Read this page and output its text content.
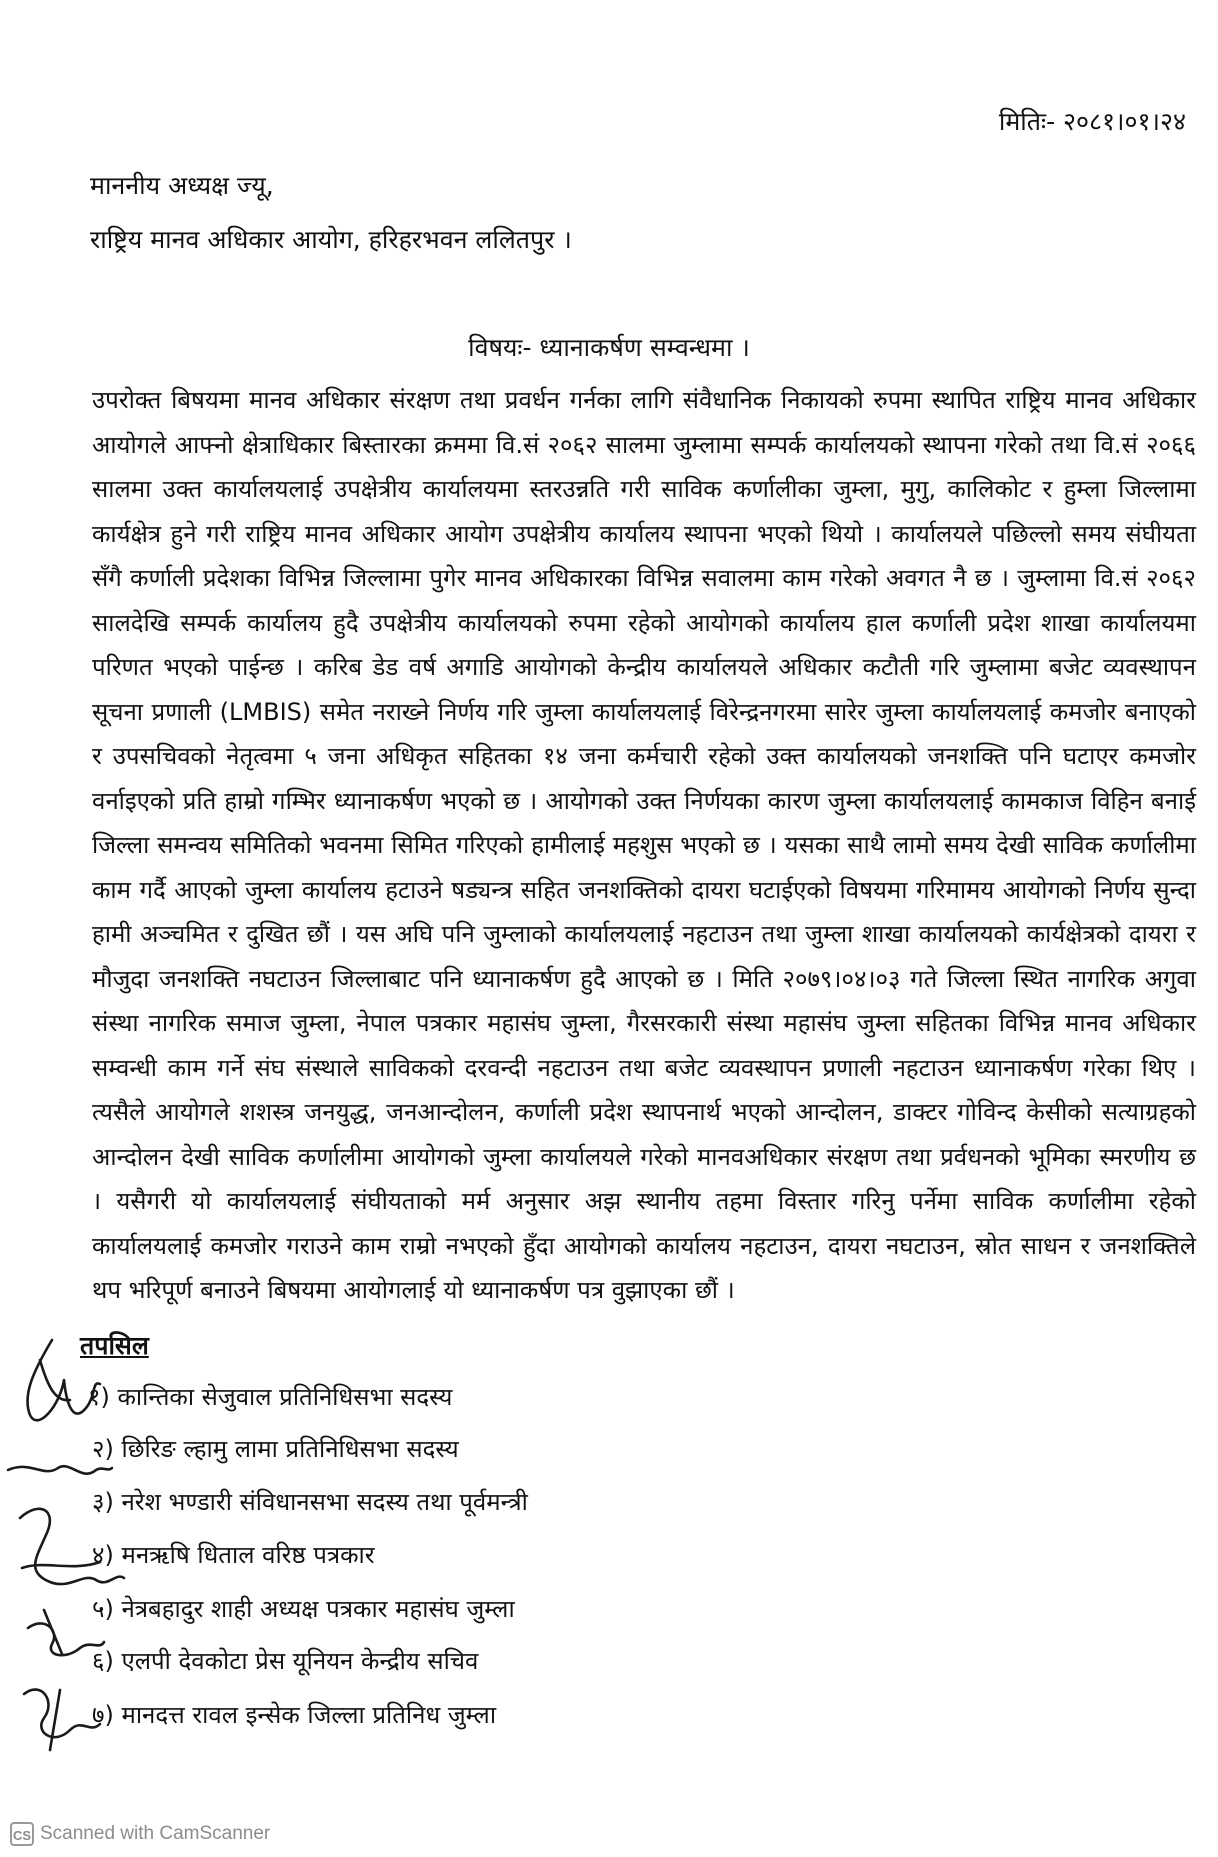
मितिः- २०८१।०१।२४
माननीय अध्यक्ष ज्यू,
राष्ट्रिय मानव अधिकार आयोग, हरिहरभवन ललितपुर ।
विषयः- ध्यानाकर्षण सम्वन्धमा ।

उपरोक्त बिषयमा मानव अधिकार संरक्षण तथा प्रवर्धन गर्नका लागि संवैधानिक निकायको रुपमा स्थापित राष्ट्रिय मानव अधिकार आयोगले आफ्नो क्षेत्राधिकार बिस्तारका क्रममा वि.सं २०६२ सालमा जुम्लामा सम्पर्क कार्यालयको स्थापना गरेको तथा वि.सं २०६६ सालमा उक्त कार्यालयलाई उपक्षेत्रीय कार्यालयमा स्तरउन्नति गरी साविक कर्णालीका जुम्ला, मुगु, कालिकोट र हुम्ला जिल्लामा कार्यक्षेत्र हुने गरी राष्ट्रिय मानव अधिकार आयोग उपक्षेत्रीय कार्यालय स्थापना भएको थियो । कार्यालयले पछिल्लो समय संघीयता सँगै कर्णाली प्रदेशका विभिन्न जिल्लामा पुगेर मानव अधिकारका विभिन्न सवालमा काम गरेको अवगत नै छ । जुम्लामा वि.सं २०६२ सालदेखि सम्पर्क कार्यालय हुदै उपक्षेत्रीय कार्यालयको रुपमा रहेको आयोगको कार्यालय हाल कर्णाली प्रदेश शाखा कार्यालयमा परिणत भएको पाईन्छ । करिब डेड वर्ष अगाडि आयोगको केन्द्रीय कार्यालयले अधिकार कटौती गरि जुम्लामा बजेट व्यवस्थापन सूचना प्रणाली (LMBIS) समेत नराख्ने निर्णय गरि जुम्ला कार्यालयलाई विरेन्द्रनगरमा सारेर जुम्ला कार्यालयलाई कमजोर बनाएको र उपसचिवको नेतृत्वमा ५ जना अधिकृत सहितका १४ जना कर्मचारी रहेको उक्त कार्यालयको जनशक्ति पनि घटाएर कमजोर वर्नाइएको प्रति हाम्रो गम्भिर ध्यानाकर्षण भएको छ । आयोगको उक्त निर्णयका कारण जुम्ला कार्यालयलाई कामकाज विहिन बनाई जिल्ला समन्वय समितिको भवनमा सिमित गरिएको हामीलाई महशुस भएको छ । यसका साथै लामो समय देखी साविक कर्णालीमा काम गर्दै आएको जुम्ला कार्यालय हटाउने षड्यन्त्र सहित जनशक्तिको दायरा घटाईएको विषयमा गरिमामय आयोगको निर्णय सुन्दा हामी अञ्चमित र दुखित छौं । यस अघि पनि जुम्लाको कार्यालयलाई नहटाउन तथा जुम्ला शाखा कार्यालयको कार्यक्षेत्रको दायरा र मौजुदा जनशक्ति नघटाउन जिल्लाबाट पनि ध्यानाकर्षण हुदै आएको छ । मिति २०७९।०४।०३ गते जिल्ला स्थित नागरिक अगुवा संस्था नागरिक समाज जुम्ला, नेपाल पत्रकार महासंघ जुम्ला, गैरसरकारी संस्था महासंघ जुम्ला सहितका विभिन्न मानव अधिकार सम्वन्धी काम गर्ने संघ संस्थाले साविकको दरवन्दी नहटाउन तथा बजेट व्यवस्थापन प्रणाली नहटाउन ध्यानाकर्षण गरेका थिए । त्यसैले आयोगले शशस्त्र जनयुद्ध, जनआन्दोलन, कर्णाली प्रदेश स्थापनार्थ भएको आन्दोलन, डाक्टर गोविन्द केसीको सत्याग्रहको आन्दोलन देखी साविक कर्णालीमा आयोगको जुम्ला कार्यालयले गरेको मानवअधिकार संरक्षण तथा प्रर्वधनको भूमिका स्मरणीय छ । यसैगरी यो कार्यालयलाई संघीयताको मर्म अनुसार अझ स्थानीय तहमा विस्तार गरिनु पर्नेमा साविक कर्णालीमा रहेको कार्यालयलाई कमजोर गराउने काम राम्रो नभएको हुँदा आयोगको कार्यालय नहटाउन, दायरा नघटाउन, स्रोत साधन र जनशक्तिले थप भरिपूर्ण बनाउने बिषयमा आयोगलाई यो ध्यानाकर्षण पत्र वुझाएका छौं ।

तपसिल
१) कान्तिका सेजुवाल प्रतिनिधिसभा सदस्य
२) छिरिङ ल्हामु लामा प्रतिनिधिसभा सदस्य
३) नरेश भण्डारी संविधानसभा सदस्य तथा पूर्वमन्त्री
४) मनऋषि धिताल वरिष्ठ पत्रकार
५) नेत्रबहादुर शाही अध्यक्ष पत्रकार महासंघ जुम्ला
६) एलपी देवकोटा प्रेस यूनियन केन्द्रीय सचिव
७) मानदत्त रावल इन्सेक जिल्ला प्रतिनिध जुम्ला
CS Scanned with CamScanner
